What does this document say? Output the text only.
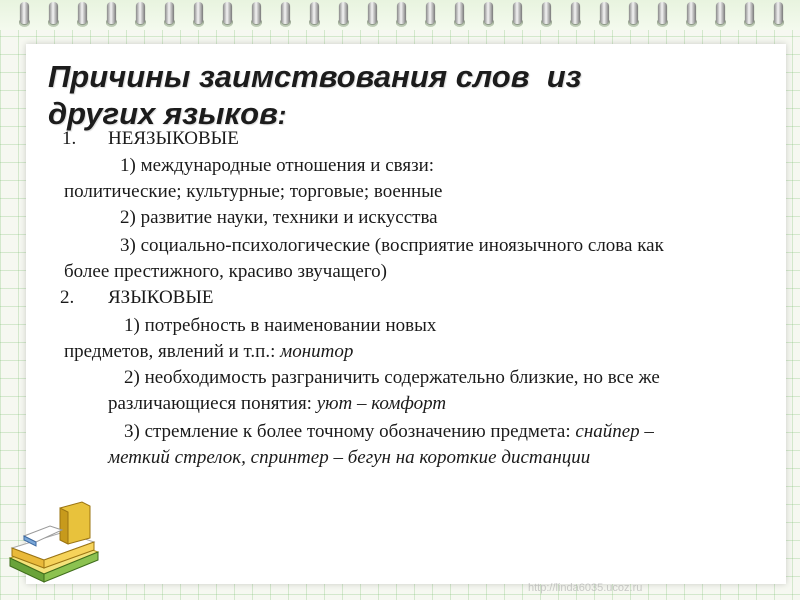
Причины заимствования слов  из
других языков:
1. НЕЯЗЫКОВЫЕ
1) международные отношения и связи:
политические; культурные; торговые; военные
2) развитие науки, техники и искусства
3) социально-психологические (восприятие иноязычного слова как
более престижного, красиво звучащего)
2. ЯЗЫКОВЫЕ
1) потребность в наименовании новых
предметов, явлений и т.п.: монитор
2) необходимость разграничить содержательно близкие, но все же
различающиеся понятия: уют – комфорт
3) стремление к более точному обозначению предмета: снайпер –
меткий стрелок, спринтер – бегун на короткие дистанции
http://linda6035.ucoz.ru
